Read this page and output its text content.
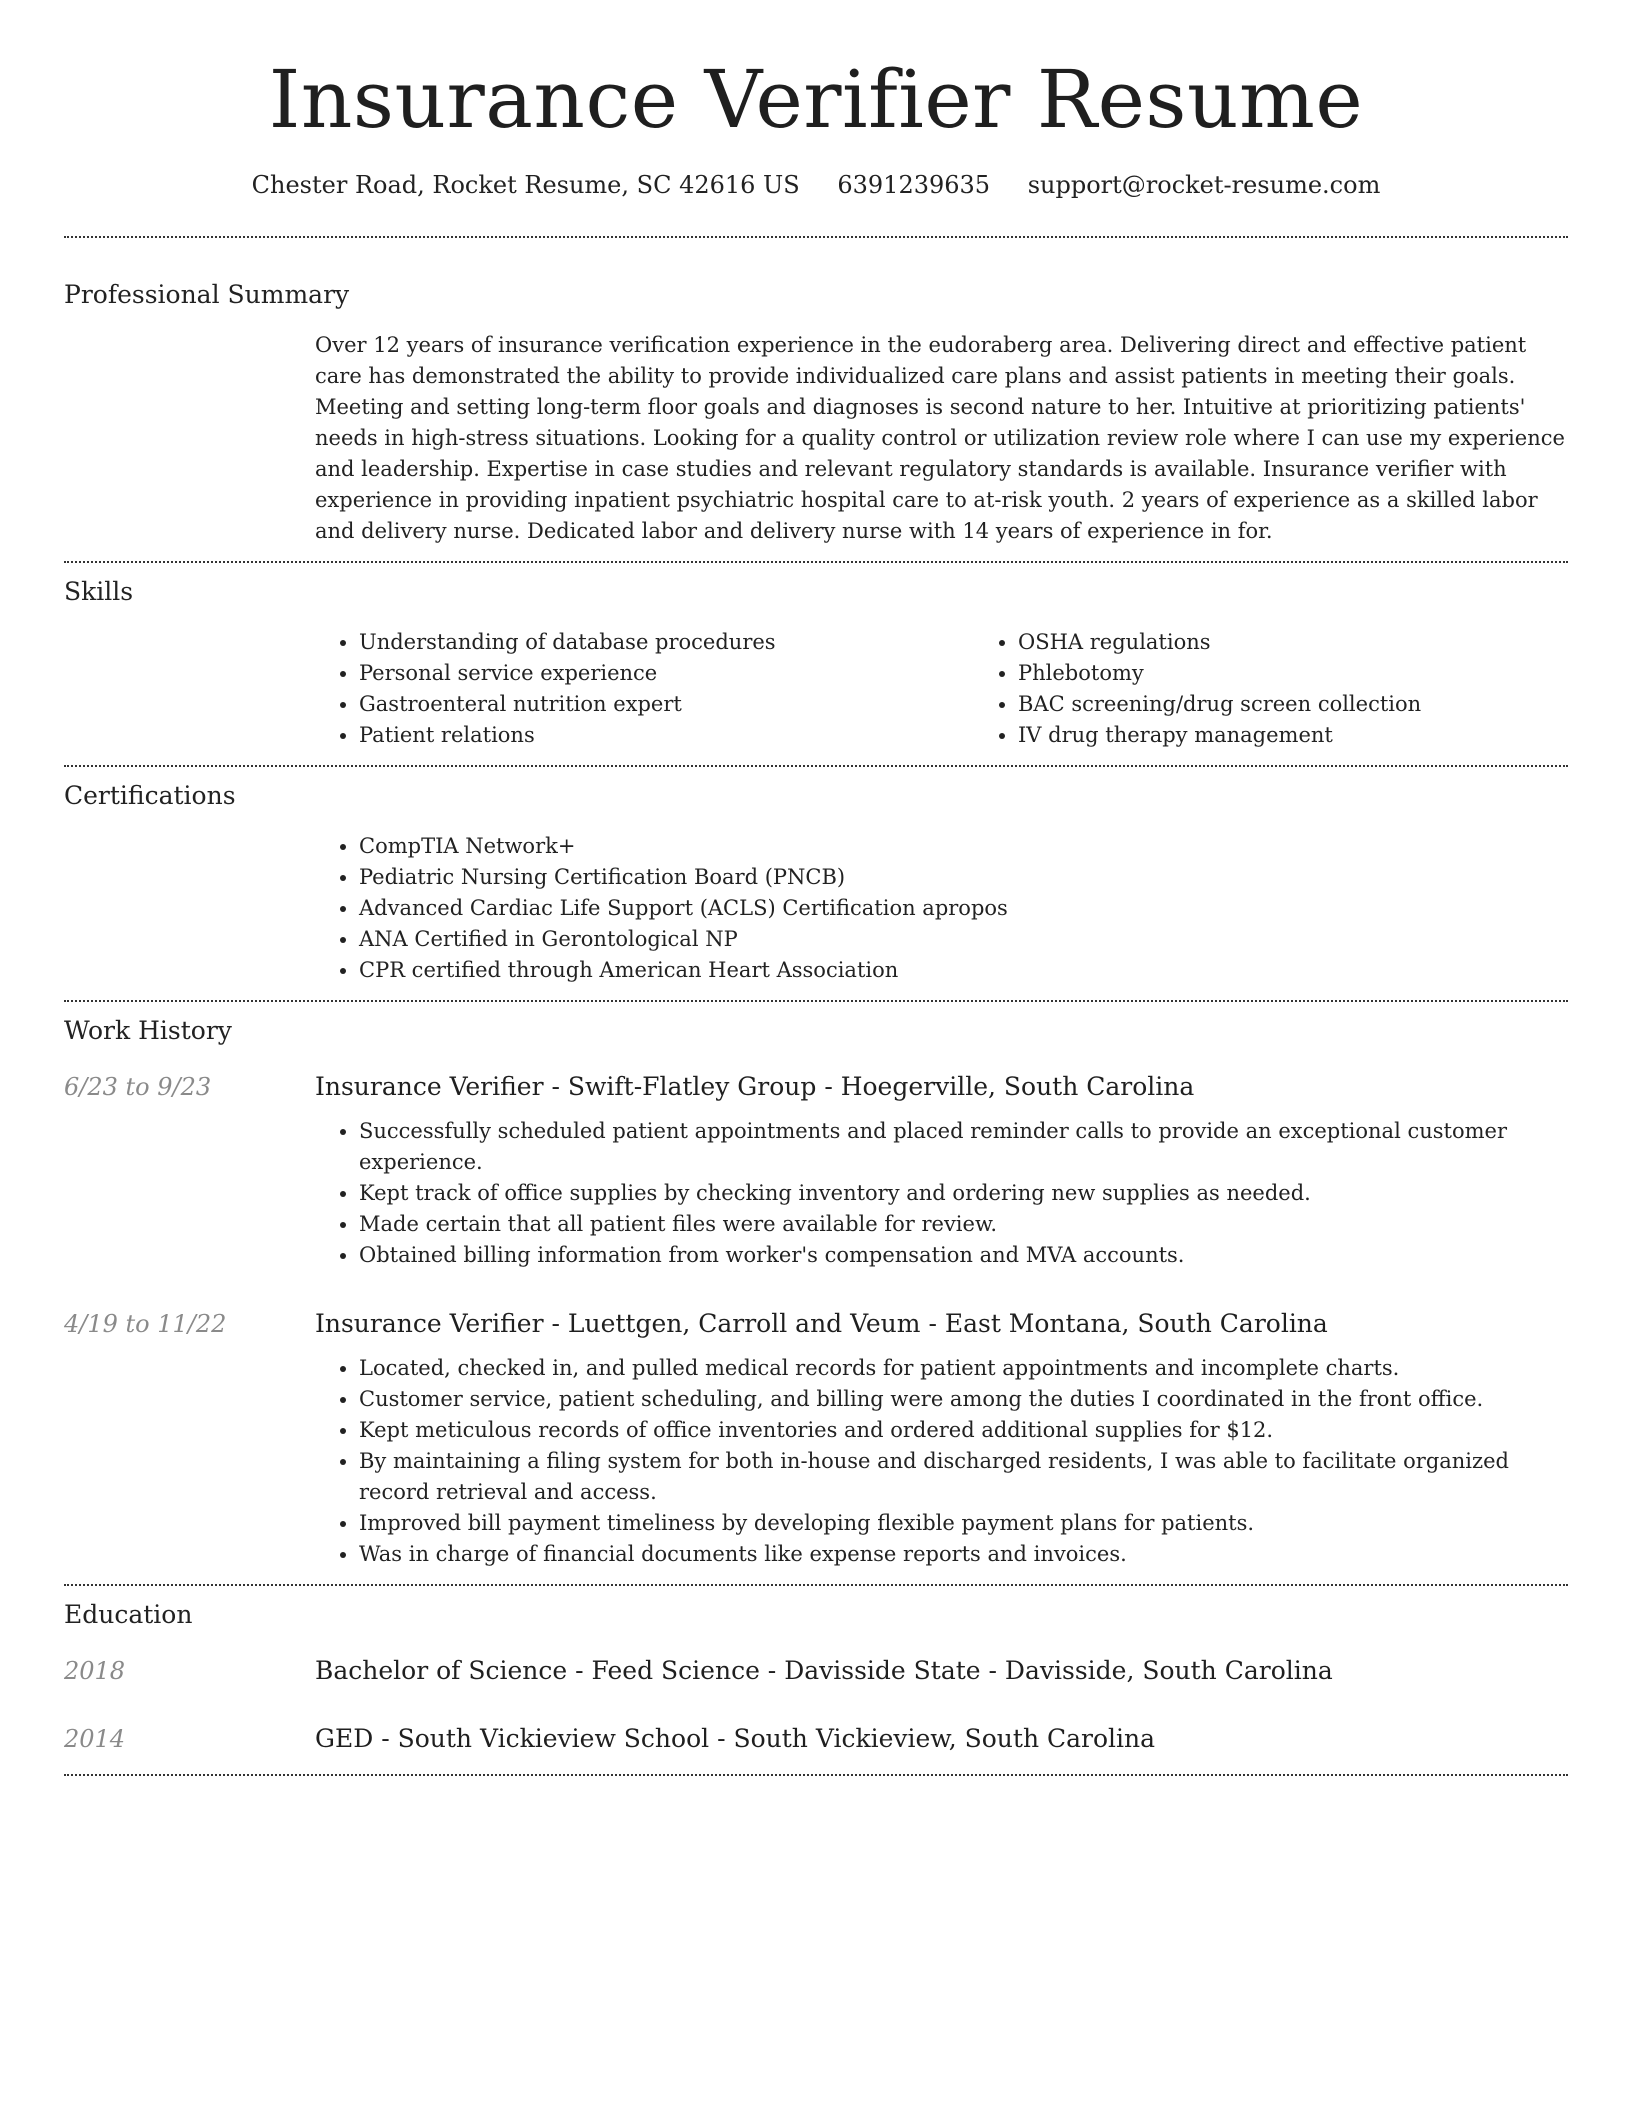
Insurance Verifier Resume
Chester Road, Rocket Resume, SC 42616 US 6391239635 support@rocket-resume.com
Professional Summary

Over 12 years of insurance verification experience in the eudoraberg area. Delivering direct and effective patient care has demonstrated the ability to provide individualized care plans and assist patients in meeting their goals. Meeting and setting long-term floor goals and diagnoses is second nature to her. Intuitive at prioritizing patients' needs in high-stress situations. Looking for a quality control or utilization review role where I can use my experience and leadership. Expertise in case studies and relevant regulatory standards is available. Insurance verifier with experience in providing inpatient psychiatric hospital care to at-risk youth. 2 years of experience as a skilled labor and delivery nurse. Dedicated labor and delivery nurse with 14 years of experience in for.

Skills
• Understanding of database procedures
• Personal service experience
• Gastroenteral nutrition expert
• Patient relations
• OSHA regulations
• Phlebotomy
• BAC screening/drug screen collection
• IV drug therapy management
Certifications
• CompTIA Network+
• Pediatric Nursing Certification Board (PNCB)
• Advanced Cardiac Life Support (ACLS) Certification apropos
• ANA Certified in Gerontological NP
• CPR certified through American Heart Association
Work History
6/23 to 9/23	Insurance Verifier - Swift-Flatley Group - Hoegerville, South Carolina
• Successfully scheduled patient appointments and placed reminder calls to provide an exceptional customer experience.
• Kept track of office supplies by checking inventory and ordering new supplies as needed.
• Made certain that all patient files were available for review.
• Obtained billing information from worker's compensation and MVA accounts.
4/19 to 11/22	Insurance Verifier - Luettgen, Carroll and Veum - East Montana, South Carolina
• Located, checked in, and pulled medical records for patient appointments and incomplete charts.
• Customer service, patient scheduling, and billing were among the duties I coordinated in the front office.
• Kept meticulous records of office inventories and ordered additional supplies for $12.
• By maintaining a filing system for both in-house and discharged residents, I was able to facilitate organized record retrieval and access.
• Improved bill payment timeliness by developing flexible payment plans for patients.
• Was in charge of financial documents like expense reports and invoices.
Education
2018	Bachelor of Science - Feed Science - Davisside State - Davisside, South Carolina
2014	GED - South Vickieview School - South Vickieview, South Carolina
